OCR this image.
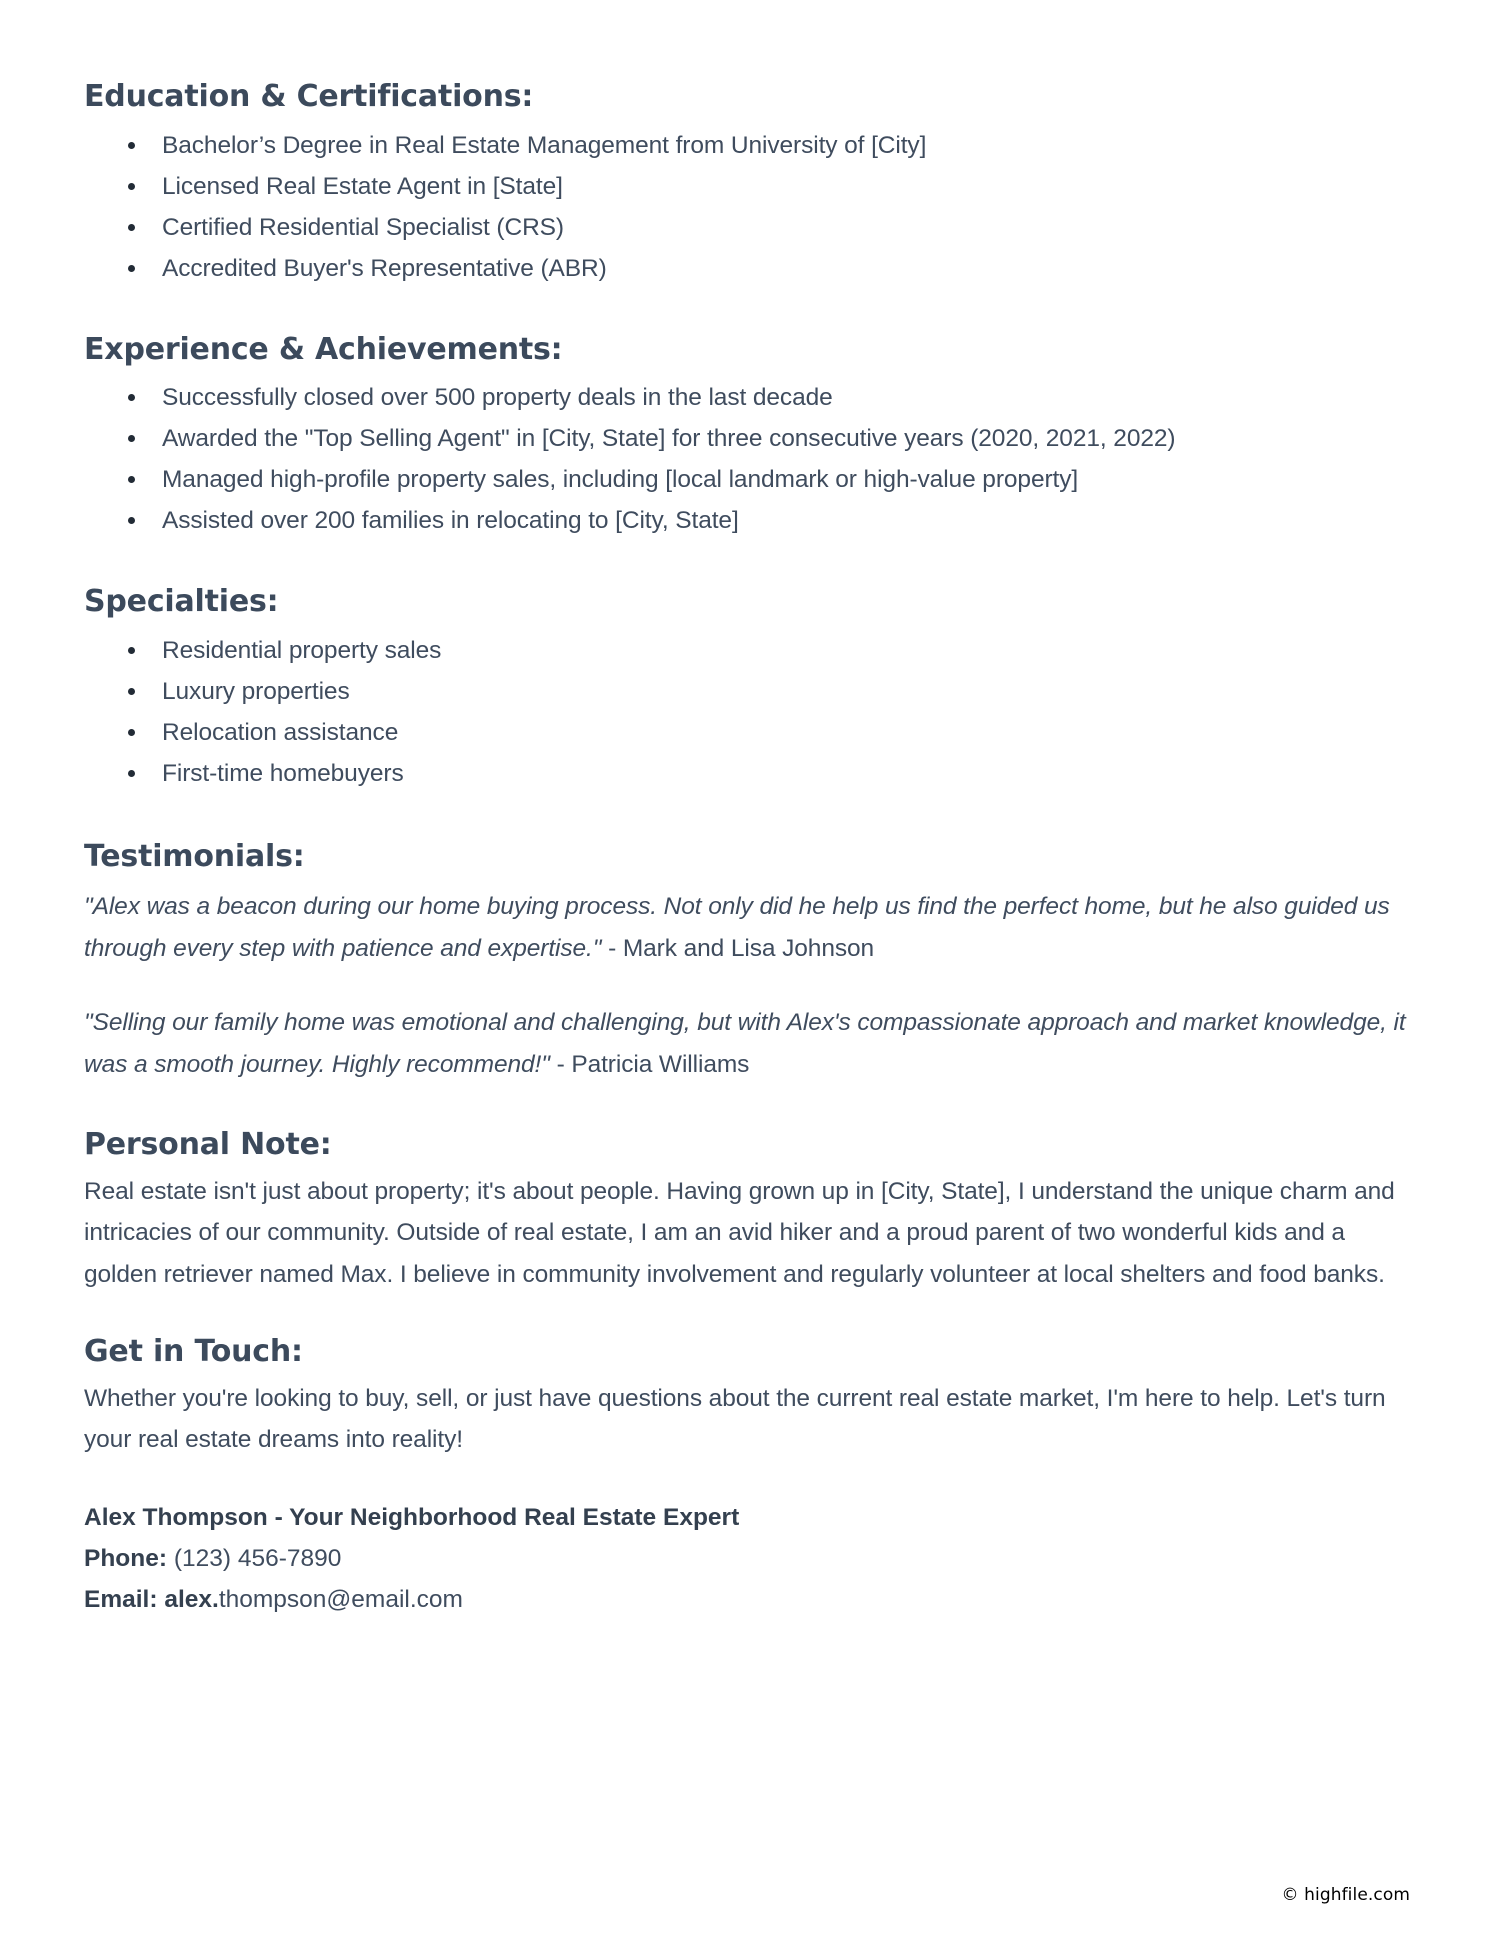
Education & Certifications:
Bachelor’s Degree in Real Estate Management from University of [City]
Licensed Real Estate Agent in [State]
Certified Residential Specialist (CRS)
Accredited Buyer's Representative (ABR)
Experience & Achievements:
Successfully closed over 500 property deals in the last decade
Awarded the "Top Selling Agent" in [City, State] for three consecutive years (2020, 2021, 2022)
Managed high-profile property sales, including [local landmark or high-value property]
Assisted over 200 families in relocating to [City, State]
Specialties:
Residential property sales
Luxury properties
Relocation assistance
First-time homebuyers
Testimonials:

"Alex was a beacon during our home buying process. Not only did he help us find the perfect home, but he also guided us through every step with patience and expertise." - Mark and Lisa Johnson

"Selling our family home was emotional and challenging, but with Alex's compassionate approach and market knowledge, it was a smooth journey. Highly recommend!" - Patricia Williams

Personal Note:

Real estate isn't just about property; it's about people. Having grown up in [City, State], I understand the unique charm and intricacies of our community. Outside of real estate, I am an avid hiker and a proud parent of two wonderful kids and a golden retriever named Max. I believe in community involvement and regularly volunteer at local shelters and food banks.

Get in Touch:

Whether you're looking to buy, sell, or just have questions about the current real estate market, I'm here to help. Let's turn your real estate dreams into reality!

Alex Thompson - Your Neighborhood Real Estate Expert
Phone: (123) 456-7890
Email: alex.thompson@email.com
© highfile.com
